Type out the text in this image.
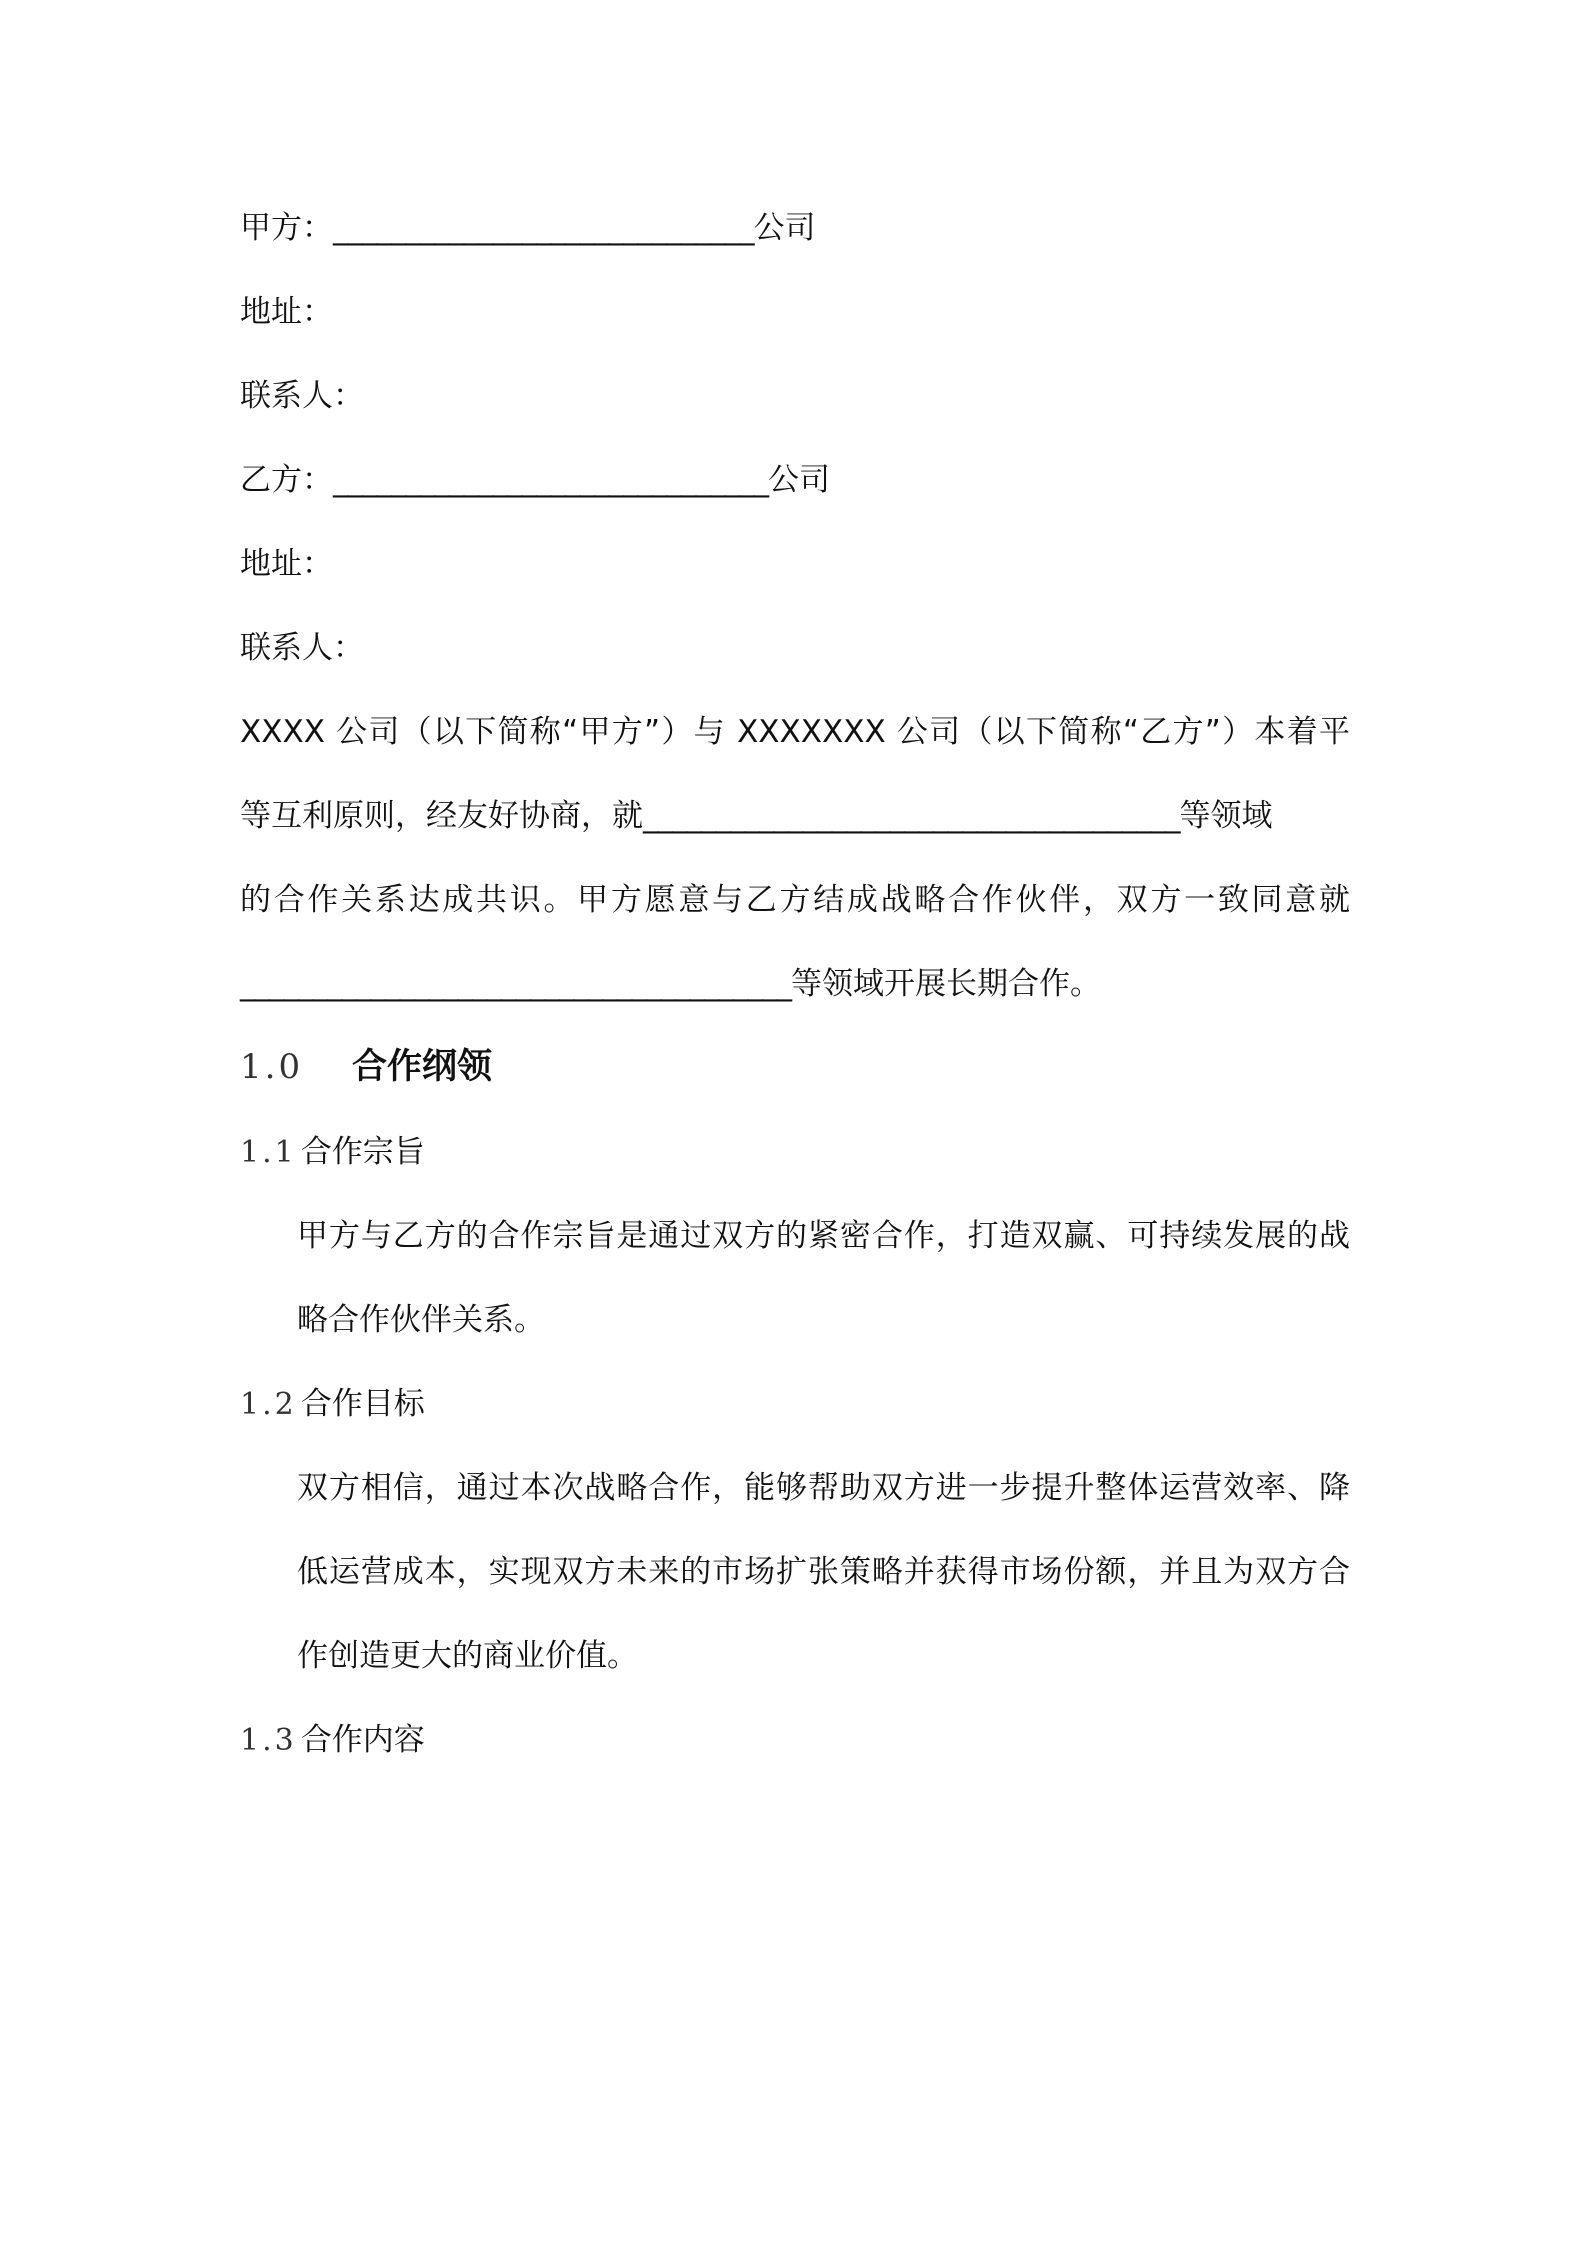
甲方：_____________________________公司
地址：
联系人：
乙方：______________________________公司
地址：
联系人：
XXXX 公司（以下简称“甲方”）与 XXXXXXX 公司（以下简称“乙方”）本着平
等互利原则，经友好协商，就_____________________________________等领域
的合作关系达成共识。甲方愿意与乙方结成战略合作伙伴，双方一致同意就
______________________________________等领域开展长期合作。
1.0 合作纲领
1.1 合作宗旨
甲方与乙方的合作宗旨是通过双方的紧密合作，打造双赢、可持续发展的战
略合作伙伴关系。
1.2 合作目标
双方相信，通过本次战略合作，能够帮助双方进一步提升整体运营效率、降
低运营成本，实现双方未来的市场扩张策略并获得市场份额，并且为双方合
作创造更大的商业价值。
1.3 合作内容
